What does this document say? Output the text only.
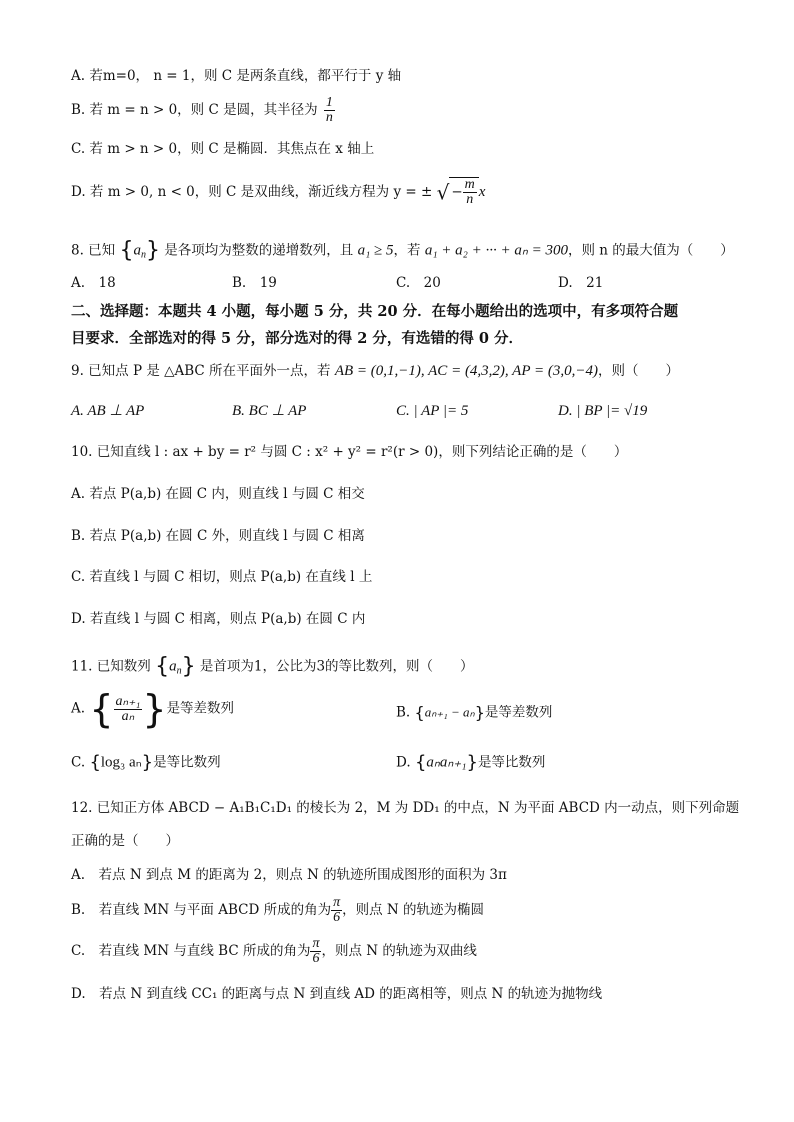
A. 若m=0， n = 1，则 C 是两条直线，都平行于 y 轴
B. 若 m = n > 0，则 C 是圆，其半径为 $\frac{1}{n}$
C. 若 m > n > 0，则 C 是椭圆．其焦点在 x 轴上
D. 若 m > 0, n < 0，则 C 是双曲线，渐近线方程为 y = ± √ − $\frac{m}{n}$ x
8. 已知 $\{a_n\}$ 是各项均为整数的递增数列，且 a₁ ≥ 5，若 a₁ + a₂ + ··· + aₙ = 300，则 n 的最大值为（　　）
A.　18	B.　19	C.　20	D.　21
二、选择题：本题共 4 小题，每小题 5 分，共 20 分．在每小题给出的选项中，有多项符合题
目要求．全部选对的得 5 分，部分选对的得 2 分，有选错的得 0 分．
9. 已知点 P 是 △ABC 所在平面外一点，若 AB = (0,1,−1), AC = (4,3,2), AP = (3,0,−4)，则（　　）
A. AB ⊥ AP	B. BC ⊥ AP	C. | AP |= 5	D. | BP |= √19
10. 已知直线 l : ax + by = r² 与圆 C : x² + y² = r²(r > 0)，则下列结论正确的是（　　）
A. 若点 P(a,b) 在圆 C 内，则直线 l 与圆 C 相交
B. 若点 P(a,b) 在圆 C 外，则直线 l 与圆 C 相离
C. 若直线 l 与圆 C 相切，则点 P(a,b) 在直线 l 上
D. 若直线 l 与圆 C 相离，则点 P(a,b) 在圆 C 内
11. 已知数列 $\{a_n\}$ 是首项为1，公比为3的等比数列，则（　　）
A. { $\frac{\text{aₙ₊₁}}{\text{aₙ}}$ }是等差数列	B. {aₙ₊₁ − aₙ}是等差数列
C. {log₃ aₙ}是等比数列	D. {aₙaₙ₊₁}是等比数列
12. 已知正方体 ABCD − A₁B₁C₁D₁ 的棱长为 2，M 为 DD₁ 的中点，N 为平面 ABCD 内一动点，则下列命题
正确的是（　　）
A.　若点 N 到点 M 的距离为 2，则点 N 的轨迹所围成图形的面积为 3π
B.　若直线 MN 与平面 ABCD 所成的角为 $\frac{\pi}{6}$ ，则点 N 的轨迹为椭圆
C.　若直线 MN 与直线 BC 所成的角为 $\frac{\pi}{6}$ ，则点 N 的轨迹为双曲线
D.　若点 N 到直线 CC₁ 的距离与点 N 到直线 AD 的距离相等，则点 N 的轨迹为抛物线
